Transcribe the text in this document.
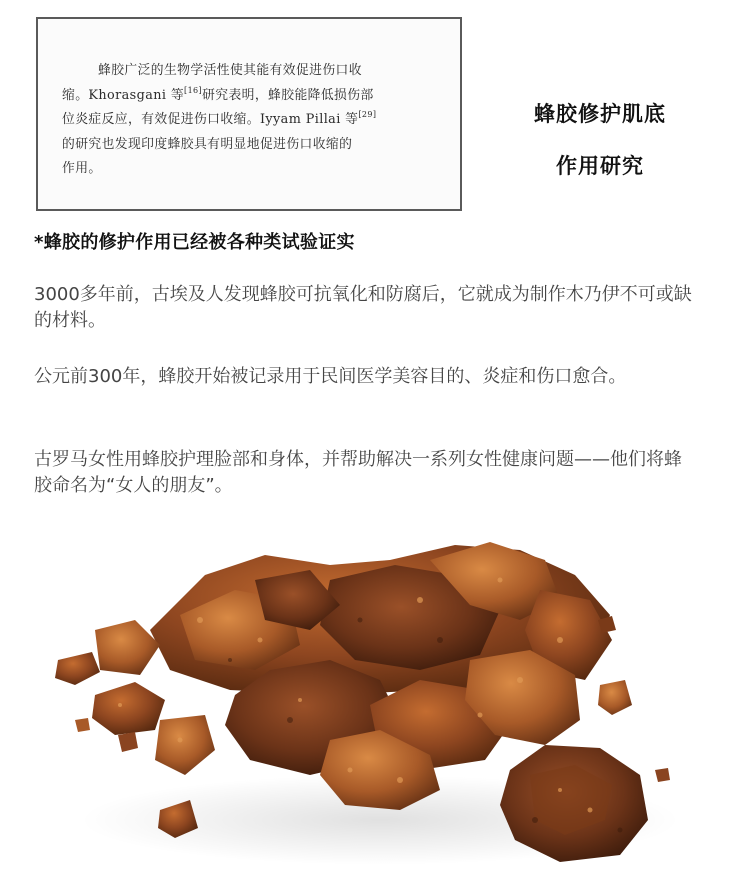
蜂胶广泛的生物学活性使其能有效促进伤口收
缩。Khorasgani 等[16]研究表明，蜂胶能降低损伤部
位炎症反应，有效促进伤口收缩。Iyyam Pillai 等[29]
的研究也发现印度蜂胶具有明显地促进伤口收缩的
作用。
蜂胶修护肌底
作用研究
*蜂胶的修护作用已经被各种类试验证实
3000多年前，古埃及人发现蜂胶可抗氧化和防腐后，它就成为制作木乃伊不可或缺的材料。
公元前300年，蜂胶开始被记录用于民间医学美容目的、炎症和伤口愈合。
古罗马女性用蜂胶护理脸部和身体，并帮助解决一系列女性健康问题——他们将蜂胶命名为“女人的朋友”。
